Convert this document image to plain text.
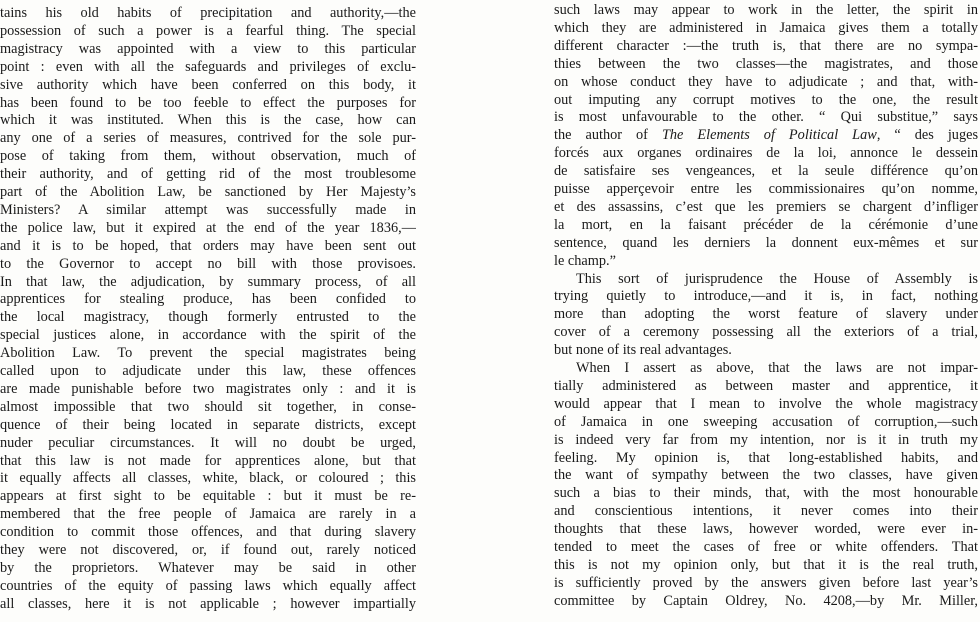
tains his old habits of precipitation and authority,—the
possession of such a power is a fearful thing. The special
magistracy was appointed with a view to this particular
point : even with all the safeguards and privileges of exclu-
sive authority which have been conferred on this body, it
has been found to be too feeble to effect the purposes for
which it was instituted. When this is the case, how can
any one of a series of measures, contrived for the sole pur-
pose of taking from them, without observation, much of
their authority, and of getting rid of the most troublesome
part of the Abolition Law, be sanctioned by Her Majesty’s
Ministers? A similar attempt was successfully made in
the police law, but it expired at the end of the year 1836,—
and it is to be hoped, that orders may have been sent out
to the Governor to accept no bill with those provisoes.
In that law, the adjudication, by summary process, of all
apprentices for stealing produce, has been confided to
the local magistracy, though formerly entrusted to the
special justices alone, in accordance with the spirit of the
Abolition Law. To prevent the special magistrates being
called upon to adjudicate under this law, these offences
are made punishable before two magistrates only : and it is
almost impossible that two should sit together, in conse-
quence of their being located in separate districts, except
nuder peculiar circumstances. It will no doubt be urged,
that this law is not made for apprentices alone, but that
it equally affects all classes, white, black, or coloured ; this
appears at first sight to be equitable : but it must be re-
membered that the free people of Jamaica are rarely in a
condition to commit those offences, and that during slavery
they were not discovered, or, if found out, rarely noticed
by the proprietors. Whatever may be said in other
countries of the equity of passing laws which equally affect
all classes, here it is not applicable ; however impartially
such laws may appear to work in the letter, the spirit in
which they are administered in Jamaica gives them a totally
different character :—the truth is, that there are no sympa-
thies between the two classes—the magistrates, and those
on whose conduct they have to adjudicate ; and that, with-
out imputing any corrupt motives to the one, the result
is most unfavourable to the other. “ Qui substitue,” says
the author of The Elements of Political Law, “ des juges
forcés aux organes ordinaires de la loi, annonce le dessein
de satisfaire ses vengeances, et la seule différence qu’on
puisse apperçevoir entre les commissionaires qu’on nomme,
et des assassins, c’est que les premiers se chargent d’infliger
la mort, en la faisant précéder de la cérémonie d’une
sentence, quand les derniers la donnent eux-mêmes et sur
le champ.”
This sort of jurisprudence the House of Assembly is
trying quietly to introduce,—and it is, in fact, nothing
more than adopting the worst feature of slavery under
cover of a ceremony possessing all the exteriors of a trial,
but none of its real advantages.
When I assert as above, that the laws are not impar-
tially administered as between master and apprentice, it
would appear that I mean to involve the whole magistracy
of Jamaica in one sweeping accusation of corruption,—such
is indeed very far from my intention, nor is it in truth my
feeling. My opinion is, that long-established habits, and
the want of sympathy between the two classes, have given
such a bias to their minds, that, with the most honourable
and conscientious intentions, it never comes into their
thoughts that these laws, however worded, were ever in-
tended to meet the cases of free or white offenders. That
this is not my opinion only, but that it is the real truth,
is sufficiently proved by the answers given before last year’s
committee by Captain Oldrey, No. 4208,—by Mr. Miller,
